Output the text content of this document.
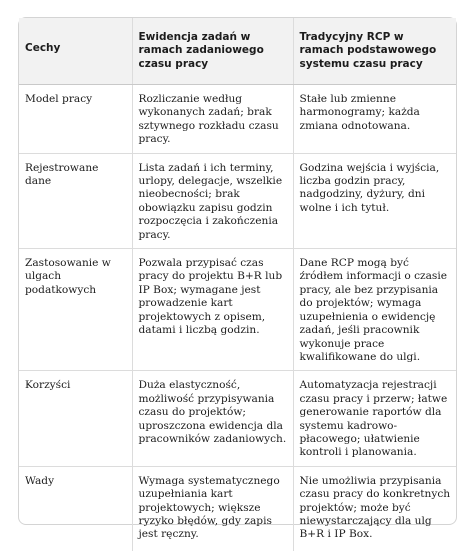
Cechy	Ewidencja zadań w ramach zadaniowego czasu pracy	Tradycyjny RCP w ramach podstawowego systemu czasu pracy
Model pracy	Rozliczanie według wykonanych zadań; brak sztywnego rozkładu czasu pracy.	Stałe lub zmienne harmonogramy; każda zmiana odnotowana.
Rejestrowane dane	Lista zadań i ich terminy, urlopy, delegacje, wszelkie nieobecności; brak obowiązku zapisu godzin rozpoczęcia i zakończenia pracy.	Godzina wejścia i wyjścia, liczba godzin pracy, nadgodziny, dyżury, dni wolne i ich tytuł.
Zastosowanie w ulgach podatkowych	Pozwala przypisać czas pracy do projektu B+R lub IP Box; wymagane jest prowadzenie kart projektowych z opisem, datami i liczbą godzin.	Dane RCP mogą być źródłem informacji o czasie pracy, ale bez przypisania do projektów; wymaga uzupełnienia o ewidencję zadań, jeśli pracownik wykonuje prace kwalifikowane do ulgi.
Korzyści	Duża elastyczność, możliwość przypisywania czasu do projektów; uproszczona ewidencja dla pracowników zadaniowych.	Automatyzacja rejestracji czasu pracy i przerw; łatwe generowanie raportów dla systemu kadrowo-płacowego; ułatwienie kontroli i planowania.
Wady	Wymaga systematycznego uzupełniania kart projektowych; większe ryzyko błędów, gdy zapis jest ręczny.	Nie umożliwia przypisania czasu pracy do konkretnych projektów; może być niewystarczający dla ulg B+R i IP Box.
